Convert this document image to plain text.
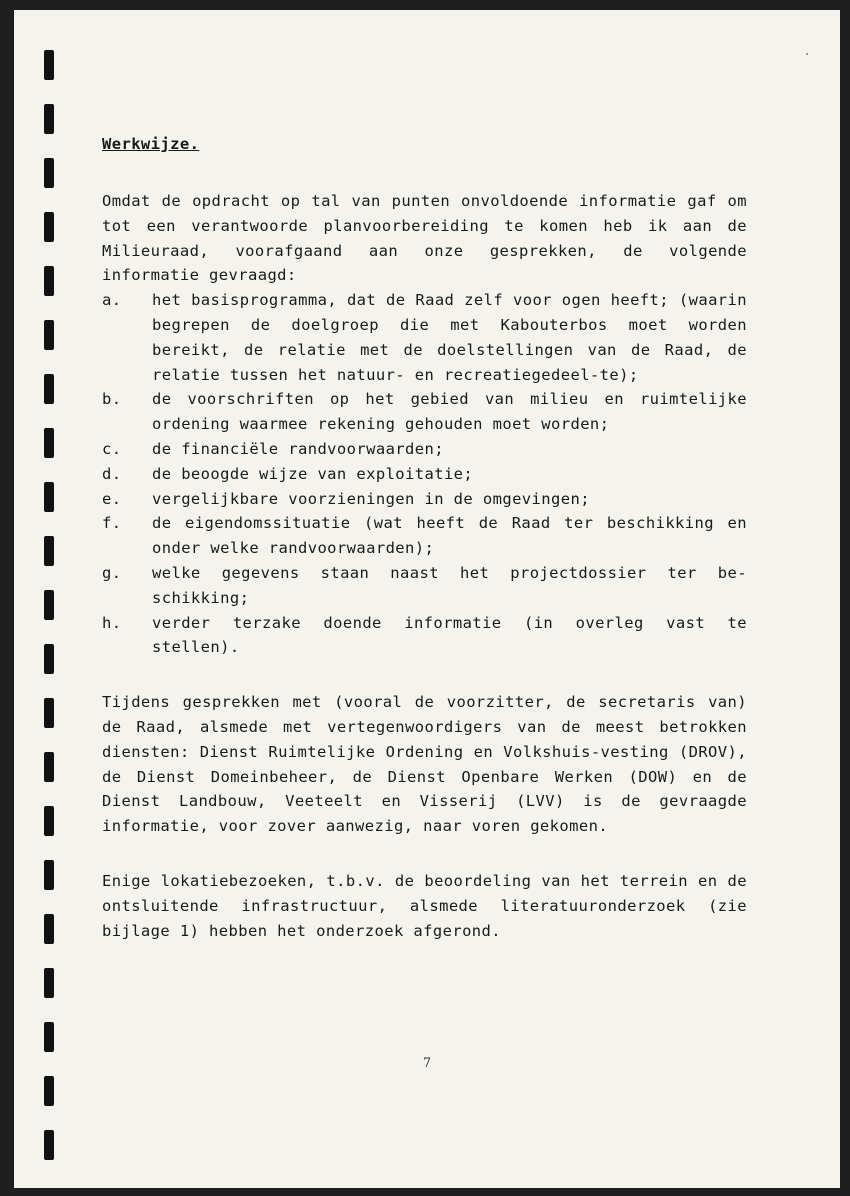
Werkwijze.

Omdat de opdracht op tal van punten onvoldoende informatie gaf om tot een verantwoorde planvoorbereiding te komen heb ik aan de Milieuraad, voorafgaand aan onze gesprekken, de volgende informatie gevraagd:

a.	het basisprogramma, dat de Raad zelf voor ogen heeft; (waarin begrepen de doelgroep die met Kabouterbos moet worden bereikt, de relatie met de doelstellingen van de Raad, de relatie tussen het natuur- en recreatiegedeel-te);
b.	de voorschriften op het gebied van milieu en ruimtelijke ordening waarmee rekening gehouden moet worden;
c.	de financiële randvoorwaarden;
d.	de beoogde wijze van exploitatie;
e.	vergelijkbare voorzieningen in de omgevingen;
f.	de eigendomssituatie (wat heeft de Raad ter beschikking en onder welke randvoorwaarden);
g.	welke gegevens staan naast het projectdossier ter be-schikking;
h.	verder terzake doende informatie (in overleg vast te stellen).

Tijdens gesprekken met (vooral de voorzitter, de secretaris van) de Raad, alsmede met vertegenwoordigers van de meest betrokken diensten: Dienst Ruimtelijke Ordening en Volkshuis-vesting (DROV), de Dienst Domeinbeheer, de Dienst Openbare Werken (DOW) en de Dienst Landbouw, Veeteelt en Visserij (LVV) is de gevraagde informatie, voor zover aanwezig, naar voren gekomen.

Enige lokatiebezoeken, t.b.v. de beoordeling van het terrein en de ontsluitende infrastructuur, alsmede literatuuronderzoek (zie bijlage 1) hebben het onderzoek afgerond.

7
